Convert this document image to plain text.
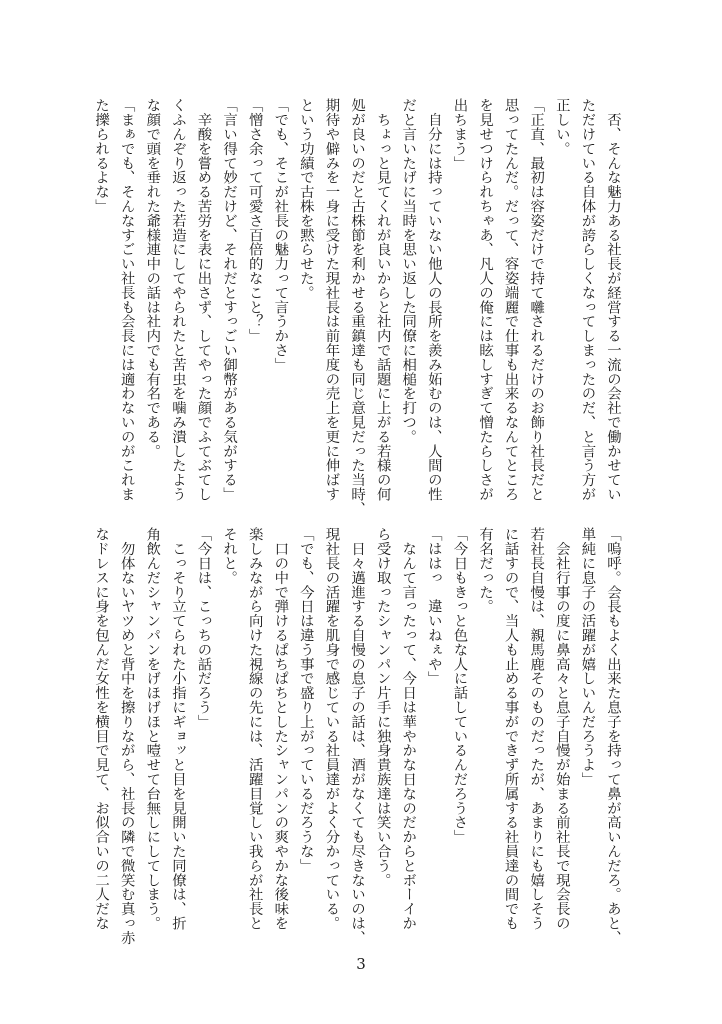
　否、そんな魅力ある社長が経営する一流の会社で働かせてい
ただけている自体が誇らしくなってしまったのだ、と言う方が
正しい。
「正直、最初は容姿だけで持て囃されるだけのお飾り社長だと
思ってたんだ。だって、容姿端麗で仕事も出来るなんてところ
を見せつけられちゃあ、凡人の俺には眩しすぎて憎たらしさが
出ちまう」
　自分には持っていない他人の長所を羨み妬むのは、人間の性
だと言いたげに当時を思い返した同僚に相槌を打つ。
　ちょっと見てくれが良いからと社内で話題に上がる若様の何
処が良いのだと古株節を利かせる重鎮達も同じ意見だった当時、
期待や僻みを一身に受けた現社長は前年度の売上を更に伸ばす
という功績で古株を黙らせた。
「でも、そこが社長の魅力って言うかさ」
「憎さ余って可愛さ百倍的なこと？」
「言い得て妙だけど、それだとすっごい御幣がある気がする」
　辛酸を嘗める苦労を表に出さず、してやった顔でふてぶてし
くふんぞり返った若造にしてやられたと苦虫を噛み潰したよう
な顔で頭を垂れた爺様連中の話は社内でも有名である。
「まぁでも、そんなすごい社長も会長には適わないのがこれま
た擽られるよな」
「嗚呼。会長もよく出来た息子を持って鼻が高いんだろ。あと、
単純に息子の活躍が嬉しいんだろうよ」
　会社行事の度に鼻高々と息子自慢が始まる前社長で現会長の
若社長自慢は、親馬鹿そのものだったが、あまりにも嬉しそう
に話すので、当人も止める事ができず所属する社員達の間でも
有名だった。
「今日もきっと色な人に話しているんだろうさ」
「ははっ　違いねぇや」
　なんて言ったって、今日は華やかな日なのだからとボーイか
ら受け取ったシャンパン片手に独身貴族達は笑い合う。
　日々邁進する自慢の息子の話は、酒がなくても尽きないのは、
現社長の活躍を肌身で感じている社員達がよく分かっている。
「でも、今日は違う事で盛り上がっているだろうな」
　口の中で弾けるぱちぱちとしたシャンパンの爽やかな後味を
楽しみながら向けた視線の先には、活躍目覚しい我らが社長と
それと。
「今日は、こっちの話だろう」
　こっそり立てられた小指にギョッと目を見開いた同僚は、折
角飲んだシャンパンをげほげほと噎せて台無しにしてしまう。
　勿体ないヤツめと背中を擦りながら、社長の隣で微笑む真っ赤
なドレスに身を包んだ女性を横目で見て、お似合いの二人だな
3
